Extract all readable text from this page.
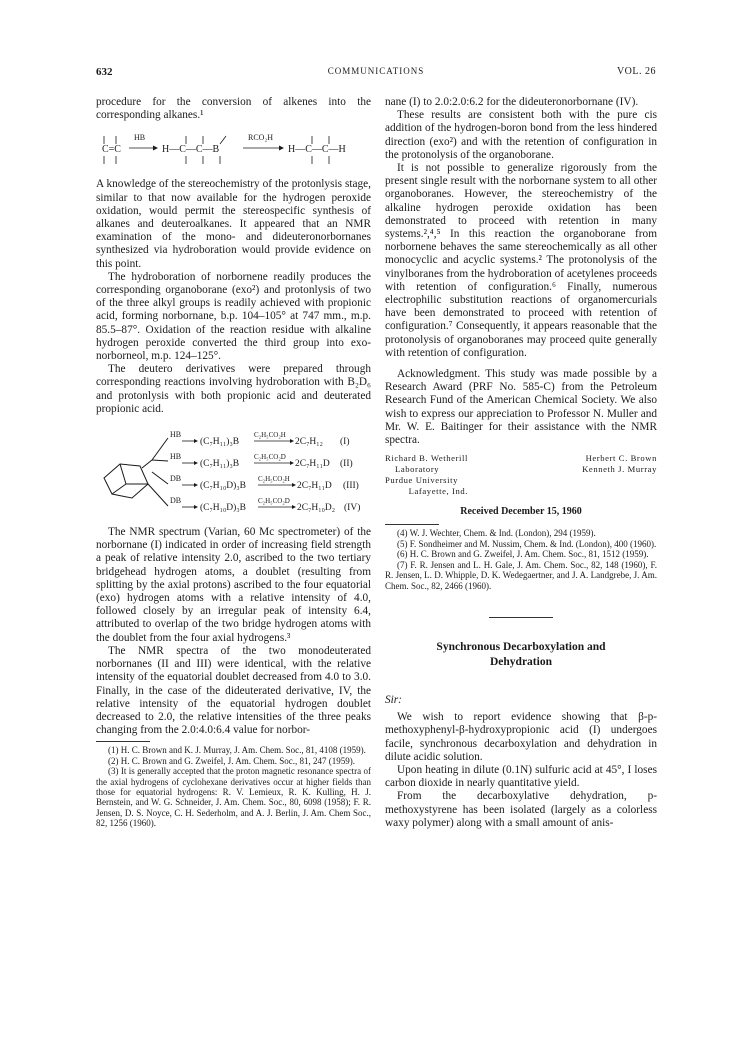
632	COMMUNICATIONS	VOL. 26

procedure for the conversion of alkenes into the corresponding alkanes.¹

C=C
HB
H—C—C—B
RCO₂H
H—C—C—H

A knowledge of the stereochemistry of the protonlysis stage, similar to that now available for the hydrogen peroxide oxidation, would permit the stereospecific synthesis of alkanes and deuteroalkanes. It appeared that an NMR examination of the mono- and dideuteronorbornanes synthesized via hydroboration would provide evidence on this point.

The hydroboration of norbornene readily produces the corresponding organoborane (exo²) and protonlysis of two of the three alkyl groups is readily achieved with propionic acid, forming norbornane, b.p. 104–105° at 747 mm., m.p. 85.5–87°. Oxidation of the reaction residue with alkaline hydrogen peroxide converted the third group into exo-norborneol, m.p. 124–125°.

The deutero derivatives were prepared through corresponding reactions involving hydroboration with B₂D₆ and protonlysis with both propionic acid and deuterated propionic acid.

HB
(C₇H₁₁)₃B
C₂H₅CO₂H
2C₇H₁₂ (I)
HB
(C₇H₁₁)₃B
C₂H₅CO₂D
2C₇H₁₁D (II)
DB
(C₇H₁₀D)₃B
C₂H₅CO₂H
2C₇H₁₁D (III)
DB
(C₇H₁₀D)₃B
C₂H₅CO₂D
2C₇H₁₀D₂ (IV)

The NMR spectrum (Varian, 60 Mc spectrometer) of the norbornane (I) indicated in order of increasing field strength a peak of relative intensity 2.0, ascribed to the two tertiary bridgehead hydrogen atoms, a doublet (resulting from splitting by the axial protons) ascribed to the four equatorial (exo) hydrogen atoms with a relative intensity of 4.0, followed closely by an irregular peak of intensity 6.4, attributed to overlap of the two bridge hydrogen atoms with the doublet from the four axial hydrogens.³

The NMR spectra of the two monodeuterated norbornanes (II and III) were identical, with the relative intensity of the equatorial doublet decreased from 4.0 to 3.0. Finally, in the case of the dideuterated derivative, IV, the relative intensity of the equatorial hydrogen doublet decreased to 2.0, the relative intensities of the three peaks changing from the 2.0:4.0:6.4 value for norbor-

(1) H. C. Brown and K. J. Murray, J. Am. Chem. Soc., 81, 4108 (1959).

(2) H. C. Brown and G. Zweifel, J. Am. Chem. Soc., 81, 247 (1959).

(3) It is generally accepted that the proton magnetic resonance spectra of the axial hydrogens of cyclohexane derivatives occur at higher fields than those for equatorial hydrogens: R. V. Lemieux, R. K. Kulling, H. J. Bernstein, and W. G. Schneider, J. Am. Chem. Soc., 80, 6098 (1958); F. R. Jensen, D. S. Noyce, C. H. Sederholm, and A. J. Berlin, J. Am. Chem Soc., 82, 1256 (1960).

nane (I) to 2.0:2.0:6.2 for the dideuteronorbornane (IV).

These results are consistent both with the pure cis addition of the hydrogen-boron bond from the less hindered direction (exo²) and with the retention of configuration in the protonolysis of the organoborane.

It is not possible to generalize rigorously from the present single result with the norbornane system to all other organoboranes. However, the stereochemistry of the alkaline hydrogen peroxide oxidation has been demonstrated to proceed with retention in many systems.²,⁴,⁵ In this reaction the organoborane from norbornene behaves the same stereochemically as all other monocyclic and acyclic systems.² The protonolysis of the vinylboranes from the hydroboration of acetylenes proceeds with retention of configuration.⁶ Finally, numerous electrophilic substitution reactions of organomercurials have been demonstrated to proceed with retention of configuration.⁷ Consequently, it appears reasonable that the protonolysis of organoboranes may proceed quite generally with retention of configuration.

Acknowledgment. This study was made possible by a Research Award (PRF No. 585-C) from the Petroleum Research Fund of the American Chemical Society. We also wish to express our appreciation to Professor N. Muller and Mr. W. E. Baitinger for their assistance with the NMR spectra.

Richard B. Wetherill
Laboratory
Purdue University
Lafayette, Ind.
Herbert C. Brown
Kenneth J. Murray
Received December 15, 1960

(4) W. J. Wechter, Chem. & Ind. (London), 294 (1959).

(5) F. Sondheimer and M. Nussim, Chem. & Ind. (London), 400 (1960).

(6) H. C. Brown and G. Zweifel, J. Am. Chem. Soc., 81, 1512 (1959).

(7) F. R. Jensen and L. H. Gale, J. Am. Chem. Soc., 82, 148 (1960), F. R. Jensen, L. D. Whipple, D. K. Wedegaertner, and J. A. Landgrebe, J. Am. Chem. Soc., 82, 2466 (1960).

Synchronous Decarboxylation and
Dehydration

Sir:

We wish to report evidence showing that β-p-methoxyphenyl-β-hydroxypropionic acid (I) undergoes facile, synchronous decarboxylation and dehydration in dilute acidic solution.

Upon heating in dilute (0.1N) sulfuric acid at 45°, I loses carbon dioxide in nearly quantitative yield.

From the decarboxylative dehydration, p-methoxystyrene has been isolated (largely as a colorless waxy polymer) along with a small amount of anis-
